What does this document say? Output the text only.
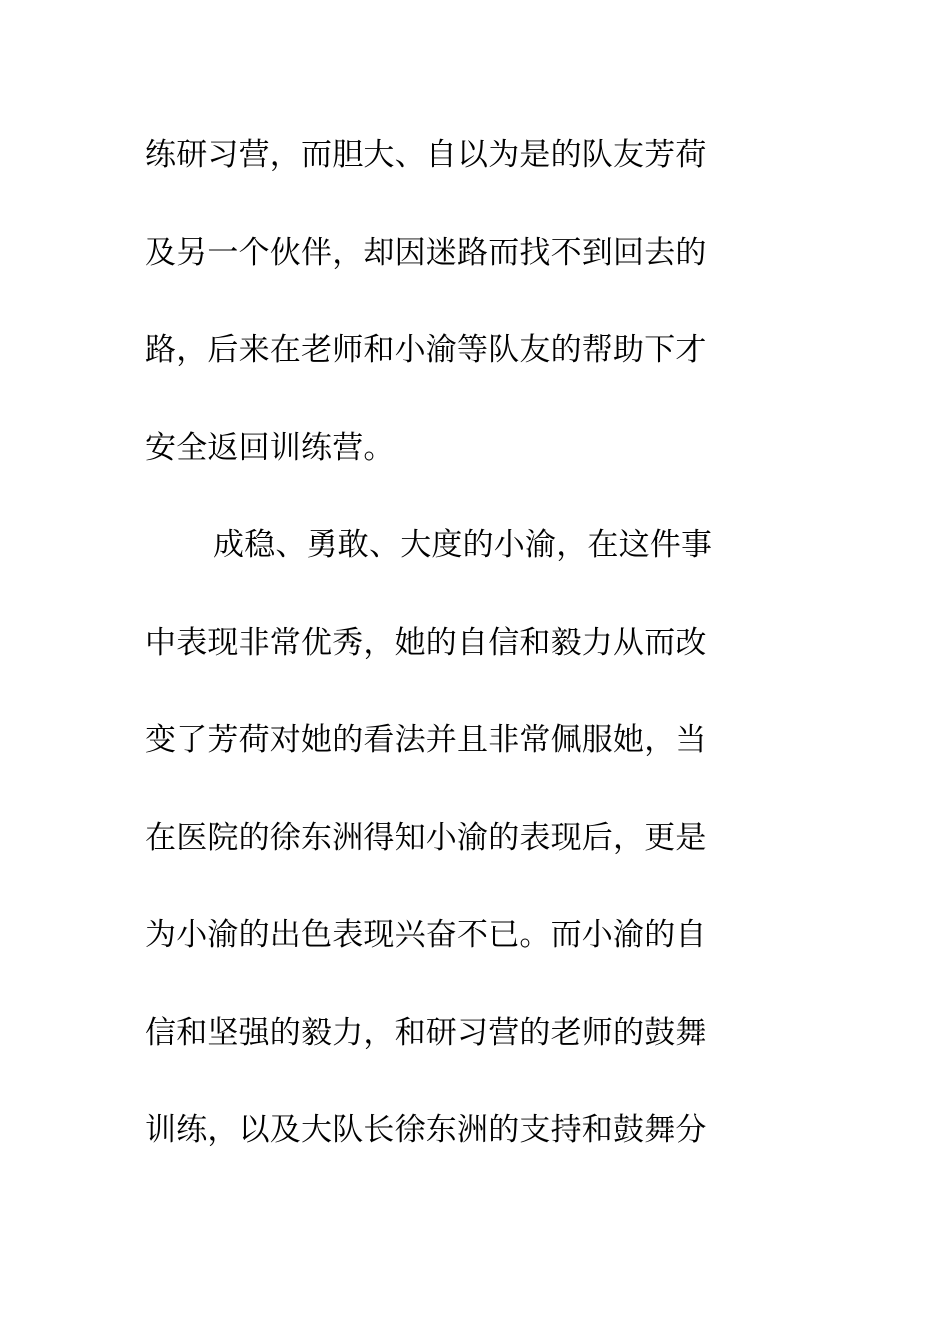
练研习营，而胆大、自以为是的队友芳荷
及另一个伙伴，却因迷路而找不到回去的
路，后来在老师和小渝等队友的帮助下才
安全返回训练营。
成稳、勇敢、大度的小渝，在这件事
中表现非常优秀，她的自信和毅力从而改
变了芳荷对她的看法并且非常佩服她，当
在医院的徐东洲得知小渝的表现后，更是
为小渝的出色表现兴奋不已。而小渝的自
信和坚强的毅力，和研习营的老师的鼓舞
训练，以及大队长徐东洲的支持和鼓舞分
